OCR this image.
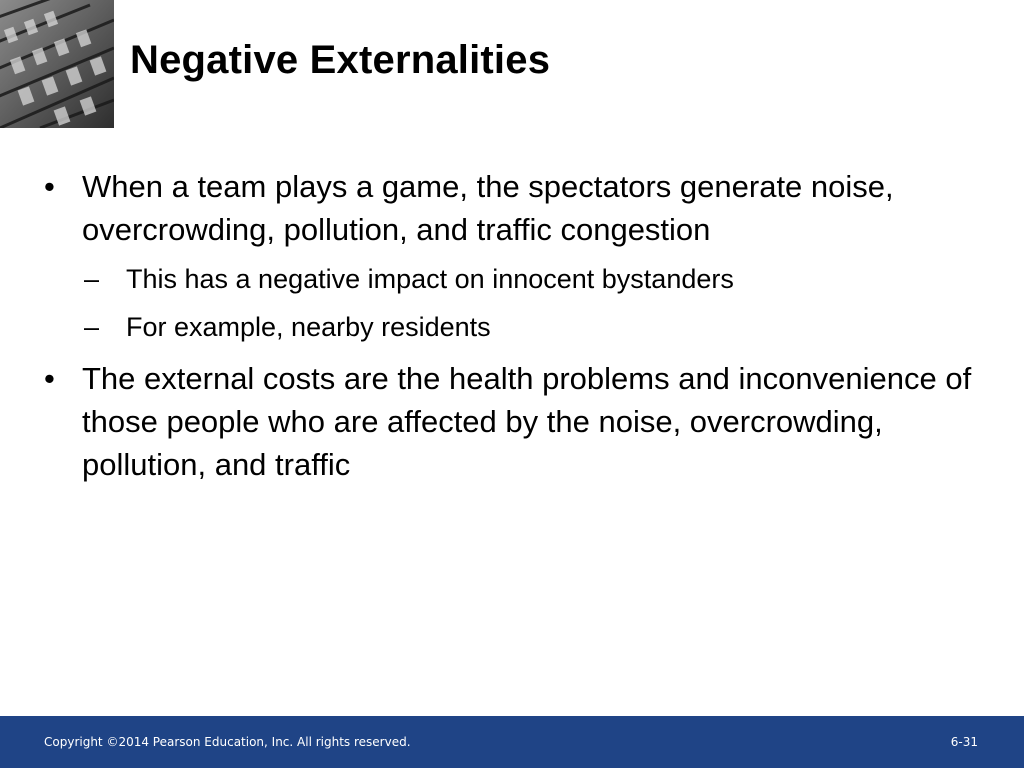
Negative Externalities
• When a team plays a game, the spectators generate noise, overcrowding, pollution, and traffic congestion
– This has a negative impact on innocent bystanders
– For example, nearby residents
• The external costs are the health problems and inconvenience of those people who are affected by the noise, overcrowding, pollution, and traffic
Copyright ©2014 Pearson Education, Inc. All rights reserved.	6-31
